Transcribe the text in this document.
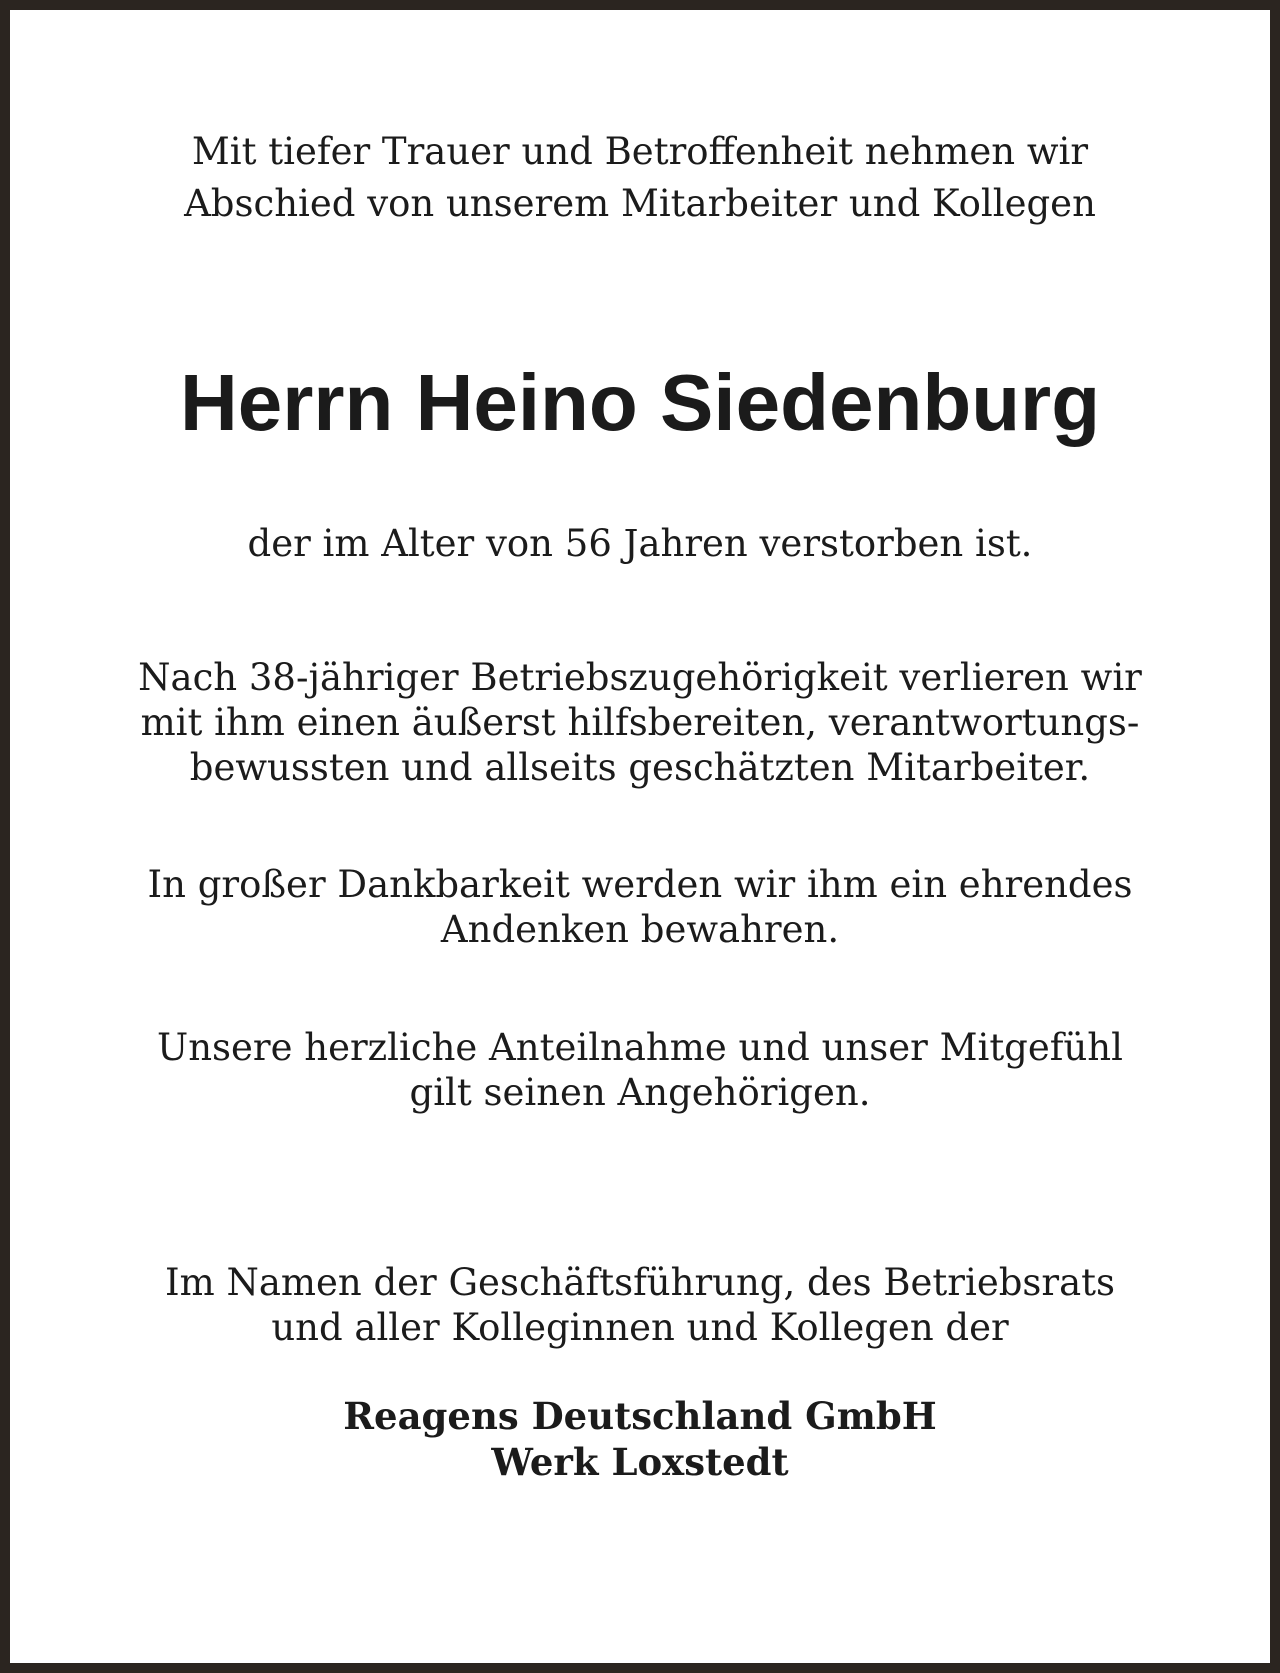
Mit tiefer Trauer und Betroffenheit nehmen wir

Abschied von unserem Mitarbeiter und Kollegen

Herrn Heino Siedenburg

der im Alter von 56 Jahren verstorben ist.

Nach 38-jähriger Betriebszugehörigkeit verlieren wir

mit ihm einen äußerst hilfsbereiten, verantwortungs-

bewussten und allseits geschätzten Mitarbeiter.

In großer Dankbarkeit werden wir ihm ein ehrendes

Andenken bewahren.

Unsere herzliche Anteilnahme und unser Mitgefühl

gilt seinen Angehörigen.

Im Namen der Geschäftsführung, des Betriebsrats

und aller Kolleginnen und Kollegen der

Reagens Deutschland GmbH

Werk Loxstedt
